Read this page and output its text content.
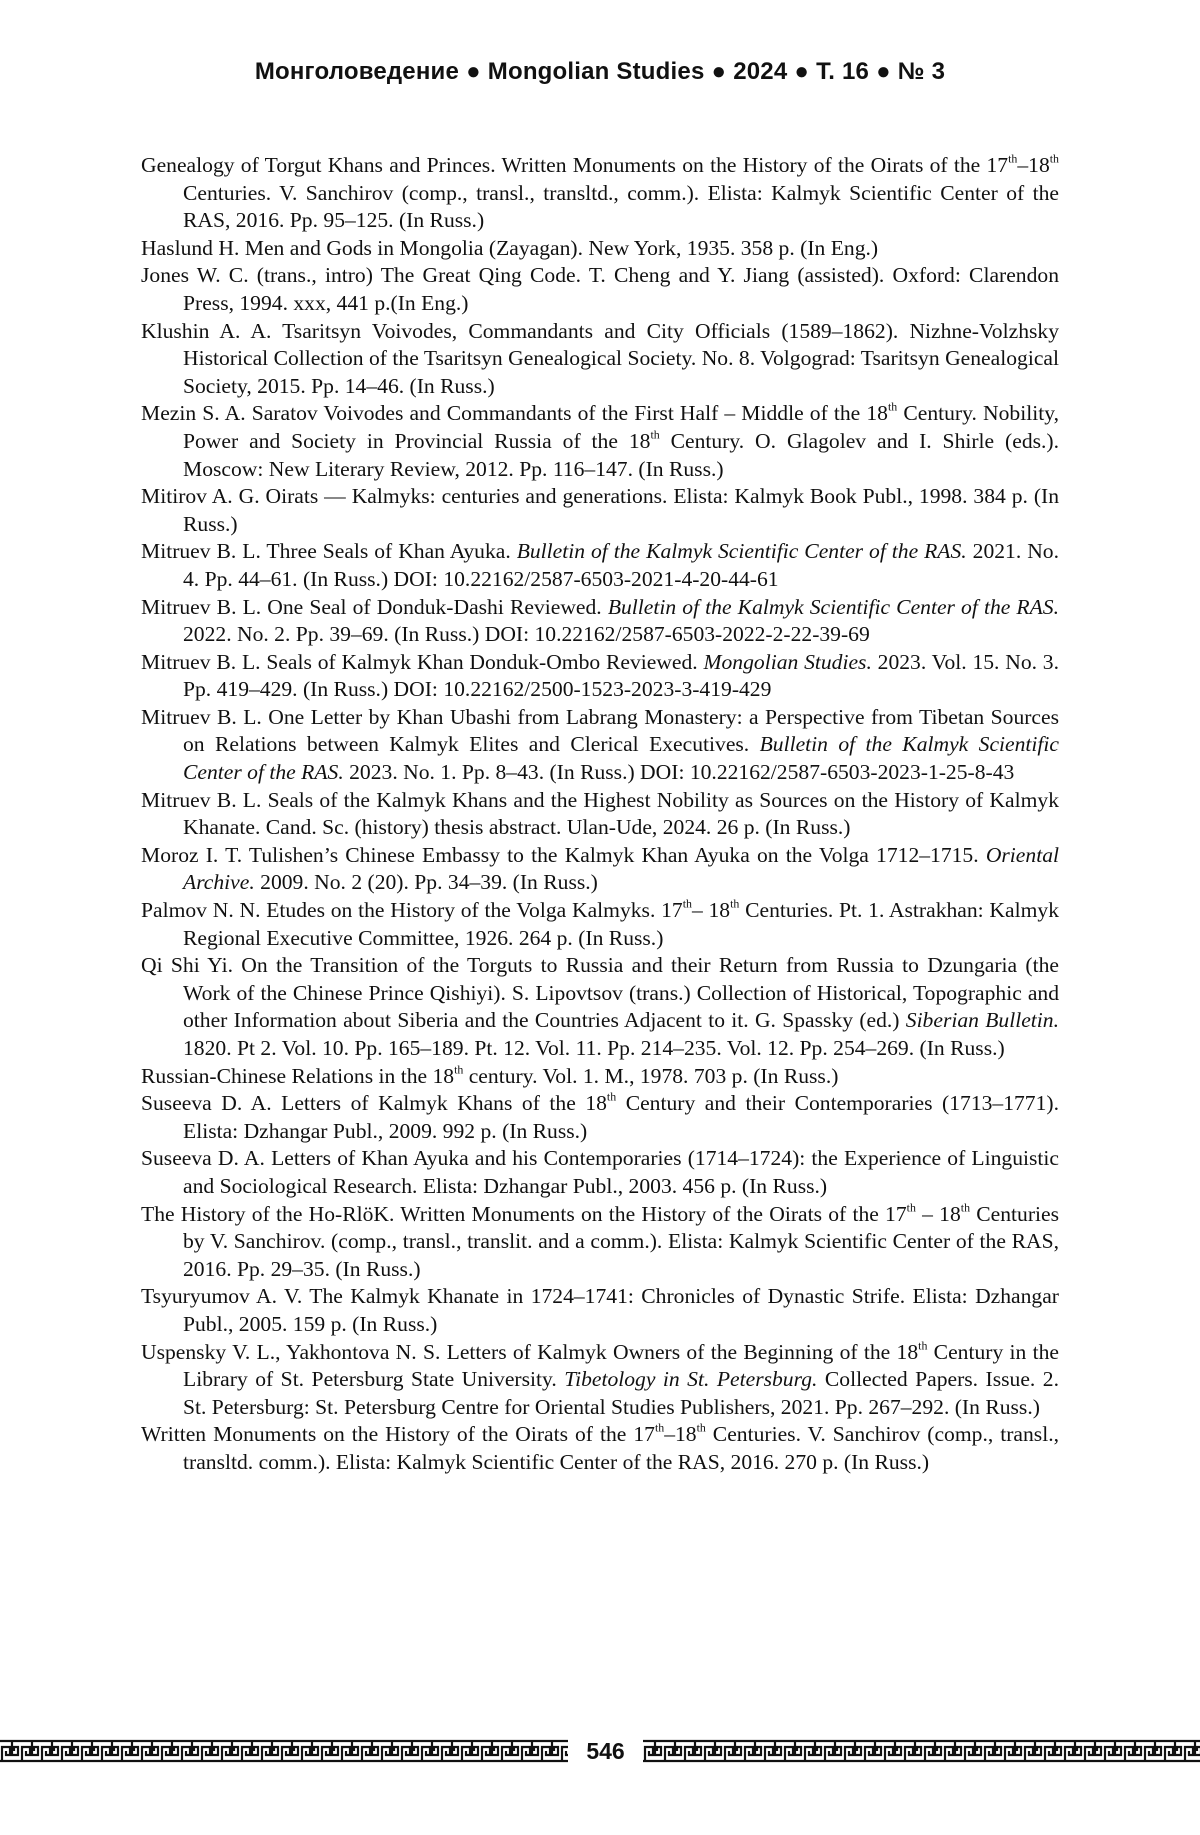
Монголоведение ● Mongolian Studies ● 2024 ● Т. 16 ● № 3

Genealogy of Torgut Khans and Princes. Written Monuments on the History of the Oirats of the 17th–18th Centuries. V. Sanchirov (comp., transl., transltd., comm.). Elista: Kalmyk Scientific Center of the RAS, 2016. Pp. 95–125. (In Russ.)

Haslund H. Men and Gods in Mongolia (Zayagan). New York, 1935. 358 p. (In Eng.)

Jones W. C. (trans., intro) The Great Qing Code. T. Cheng and Y. Jiang (assisted). Oxford: Clarendon Press, 1994. xxx, 441 p.(In Eng.)

Klushin A. A. Tsaritsyn Voivodes, Commandants and City Officials (1589–1862). Nizhne-Volzhsky Historical Collection of the Tsaritsyn Genealogical Society. No. 8. Volgograd: Tsaritsyn Genealogical Society, 2015. Pp. 14–46. (In Russ.)

Mezin S. A. Saratov Voivodes and Commandants of the First Half – Middle of the 18th Century. Nobility, Power and Society in Provincial Russia of the 18th Century. O. Glagolev and I. Shirle (eds.). Moscow: New Literary Review, 2012. Pp. 116–147. (In Russ.)

Mitirov A. G. Oirats — Kalmyks: centuries and generations. Elista: Kalmyk Book Publ., 1998. 384 p. (In Russ.)

Mitruev B. L. Three Seals of Khan Ayuka. Bulletin of the Kalmyk Scientific Center of the RAS. 2021. No. 4. Pp. 44–61. (In Russ.) DOI: 10.22162/2587-6503-2021-4-20-44-61

Mitruev B. L. One Seal of Donduk-Dashi Reviewed. Bulletin of the Kalmyk Scientific Center of the RAS. 2022. No. 2. Pp. 39–69. (In Russ.) DOI: 10.22162/2587-6503-2022-2-22-39-69

Mitruev B. L. Seals of Kalmyk Khan Donduk-Ombo Reviewed. Mongolian Studies. 2023. Vol. 15. No. 3. Pp. 419–429. (In Russ.) DOI: 10.22162/2500-1523-2023-3-419-429

Mitruev B. L. One Letter by Khan Ubashi from Labrang Monastery: a Perspective from Tibetan Sources on Relations between Kalmyk Elites and Clerical Executives. Bulletin of the Kalmyk Scientific Center of the RAS. 2023. No. 1. Pp. 8–43. (In Russ.) DOI: 10.22162/2587-6503-2023-1-25-8-43

Mitruev B. L. Seals of the Kalmyk Khans and the Highest Nobility as Sources on the History of Kalmyk Khanate. Cand. Sc. (history) thesis abstract. Ulan-Ude, 2024. 26 p. (In Russ.)

Moroz I. T. Tulishen’s Chinese Embassy to the Kalmyk Khan Ayuka on the Volga 1712–1715. Oriental Archive. 2009. No. 2 (20). Pp. 34–39. (In Russ.)

Palmov N. N. Etudes on the History of the Volga Kalmyks. 17th– 18th Centuries. Pt. 1. Astrakhan: Kalmyk Regional Executive Committee, 1926. 264 p. (In Russ.)

Qi Shi Yi. On the Transition of the Torguts to Russia and their Return from Russia to Dzungaria (the Work of the Chinese Prince Qishiyi). S. Lipovtsov (trans.) Collection of Historical, Topographic and other Information about Siberia and the Countries Adjacent to it. G. Spassky (ed.) Siberian Bulletin. 1820. Pt 2. Vol. 10. Pp. 165–189. Pt. 12. Vol. 11. Pp. 214–235. Vol. 12. Pp. 254–269. (In Russ.)

Russian-Chinese Relations in the 18th century. Vol. 1. M., 1978. 703 p. (In Russ.)

Suseeva D. A. Letters of Kalmyk Khans of the 18th Century and their Contemporaries (1713–1771). Elista: Dzhangar Publ., 2009. 992 p. (In Russ.)

Suseeva D. A. Letters of Khan Ayuka and his Contemporaries (1714–1724): the Experience of Linguistic and Sociological Research. Elista: Dzhangar Publ., 2003. 456 p. (In Russ.)

The History of the Ho-RlöK. Written Monuments on the History of the Oirats of the 17th – 18th Centuries by V. Sanchirov. (comp., transl., translit. and a comm.). Elista: Kalmyk Scientific Center of the RAS, 2016. Pp. 29–35. (In Russ.)

Tsyuryumov A. V. The Kalmyk Khanate in 1724–1741: Chronicles of Dynastic Strife. Elista: Dzhangar Publ., 2005. 159 p. (In Russ.)

Uspensky V. L., Yakhontova N. S. Letters of Kalmyk Owners of the Beginning of the 18th Century in the Library of St. Petersburg State University. Tibetology in St. Petersburg. Collected Papers. Issue. 2. St. Petersburg: St. Petersburg Centre for Oriental Studies Publishers, 2021. Pp. 267–292. (In Russ.)

Written Monuments on the History of the Oirats of the 17th–18th Centuries. V. Sanchirov (comp., transl., transltd. comm.). Elista: Kalmyk Scientific Center of the RAS, 2016. 270 p. (In Russ.)

546
